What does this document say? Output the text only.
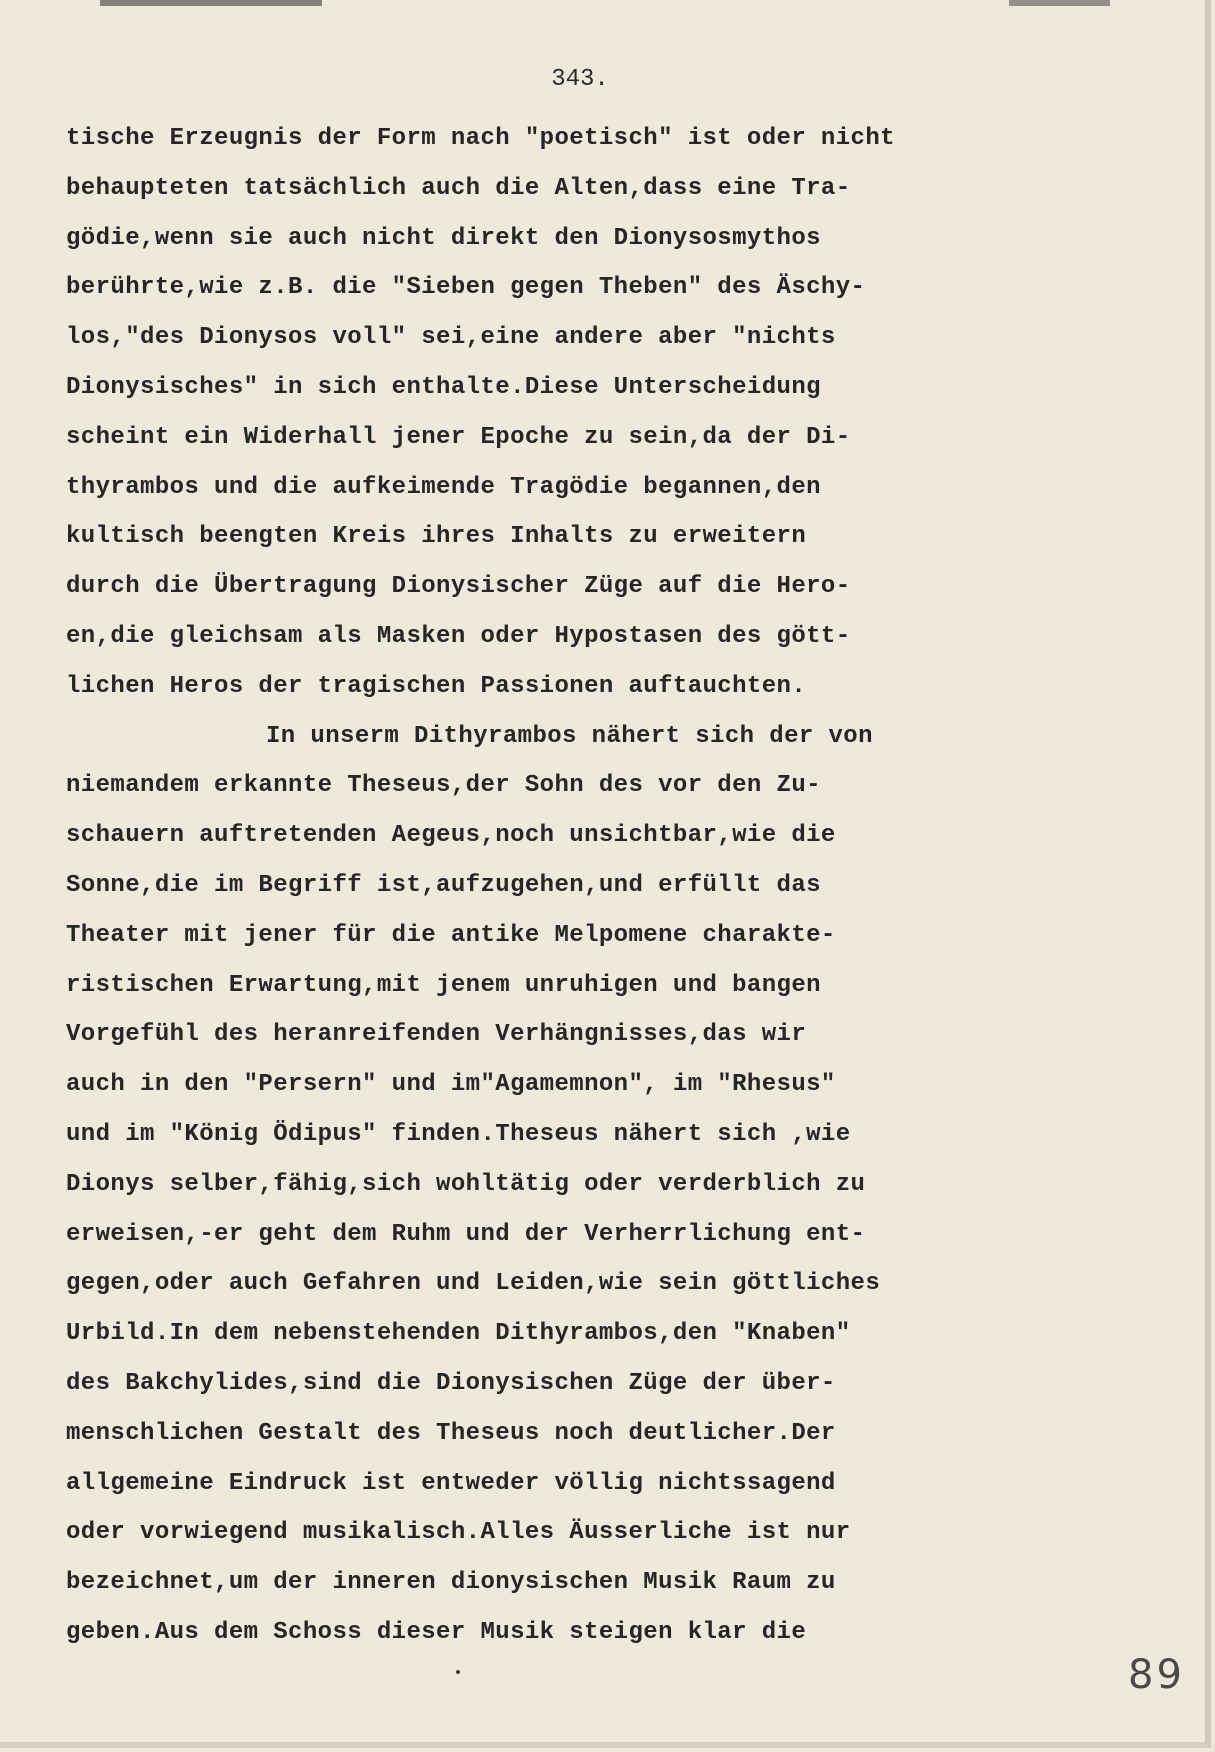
343.
tische Erzeugnis der Form nach "poetisch" ist oder nicht
behaupteten tatsächlich auch die Alten,dass eine Tra-
gödie,wenn sie auch nicht direkt den Dionysosmythos
berührte,wie z.B. die "Sieben gegen Theben" des Äschy-
los,"des Dionysos voll" sei,eine andere aber "nichts
Dionysisches" in sich enthalte.Diese Unterscheidung
scheint ein Widerhall jener Epoche zu sein,da der Di-
thyrambos und die aufkeimende Tragödie begannen,den
kultisch beengten Kreis ihres Inhalts zu erweitern
durch die Übertragung Dionysischer Züge auf die Hero-
en,die gleichsam als Masken oder Hypostasen des gött-
lichen Heros der tragischen Passionen auftauchten.
In unserm Dithyrambos nähert sich der von
niemandem erkannte Theseus,der Sohn des vor den Zu-
schauern auftretenden Aegeus,noch unsichtbar,wie die
Sonne,die im Begriff ist,aufzugehen,und erfüllt das
Theater mit jener für die antike Melpomene charakte-
ristischen Erwartung,mit jenem unruhigen und bangen
Vorgefühl des heranreifenden Verhängnisses,das wir
auch in den "Persern" und im"Agamemnon", im "Rhesus"
und im "König Ödipus" finden.Theseus nähert sich ,wie
Dionys selber,fähig,sich wohltätig oder verderblich zu
erweisen,-er geht dem Ruhm und der Verherrlichung ent-
gegen,oder auch Gefahren und Leiden,wie sein göttliches
Urbild.In dem nebenstehenden Dithyrambos,den "Knaben"
des Bakchylides,sind die Dionysischen Züge der über-
menschlichen Gestalt des Theseus noch deutlicher.Der
allgemeine Eindruck ist entweder völlig nichtssagend
oder vorwiegend musikalisch.Alles Äusserliche ist nur
bezeichnet,um der inneren dionysischen Musik Raum zu
geben.Aus dem Schoss dieser Musik steigen klar die
89
